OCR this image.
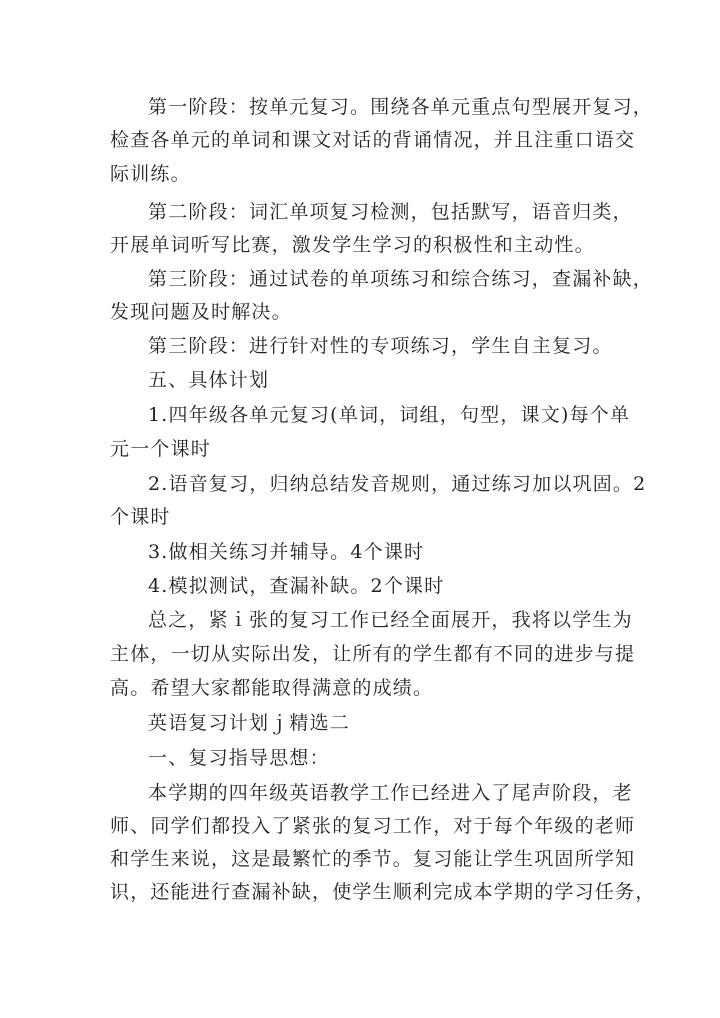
第一阶段：按单元复习。围绕各单元重点句型展开复习，
检查各单元的单词和课文对话的背诵情况，并且注重口语交
际训练。
第二阶段：词汇单项复习检测，包括默写，语音归类，
开展单词听写比赛，激发学生学习的积极性和主动性。
第三阶段：通过试卷的单项练习和综合练习，查漏补缺，
发现问题及时解决。
第三阶段：进行针对性的专项练习，学生自主复习。
五、具体计划
1.四年级各单元复习(单词，词组，句型，课文)每个单
元一个课时
2.语音复习，归纳总结发音规则，通过练习加以巩固。2
个课时
3.做相关练习并辅导。4个课时
4.模拟测试，查漏补缺。2个课时
总之，紧ｉ张的复习工作已经全面展开，我将以学生为
主体，一切从实际出发，让所有的学生都有不同的进步与提
高。希望大家都能取得满意的成绩。
英语复习计划ｊ精选二
一、复习指导思想：
本学期的四年级英语教学工作已经进入了尾声阶段，老
师、同学们都投入了紧张的复习工作，对于每个年级的老师
和学生来说，这是最繁忙的季节。复习能让学生巩固所学知
识，还能进行查漏补缺，使学生顺利完成本学期的学习任务，
